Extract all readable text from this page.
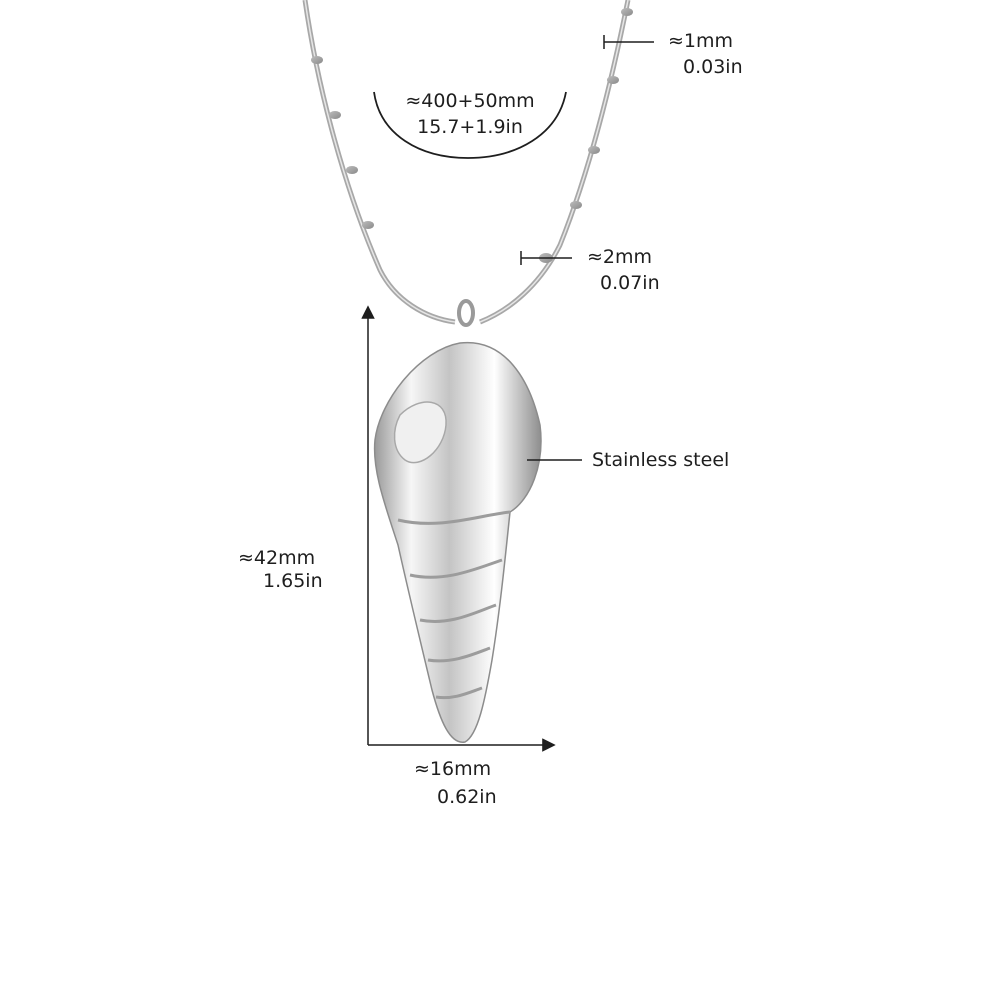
≈1mm
0.03in
≈400+50mm
15.7+1.9in
≈2mm
0.07in
Stainless steel
≈42mm
1.65in
≈16mm
0.62in
